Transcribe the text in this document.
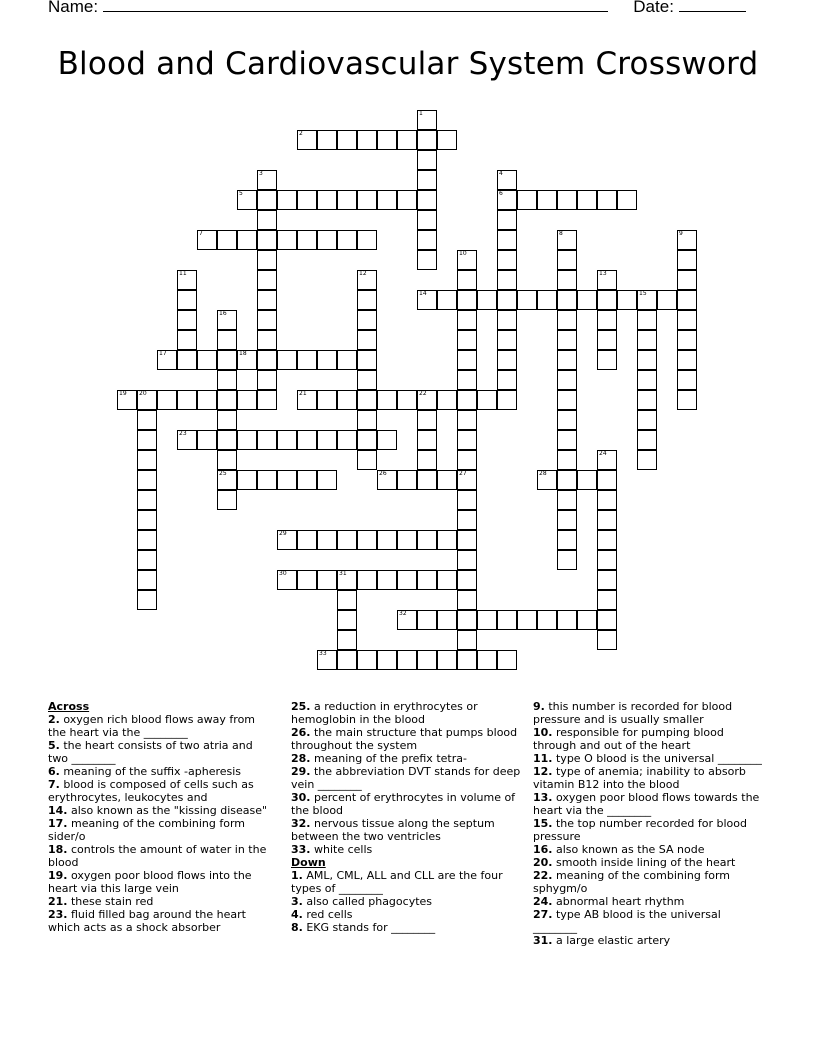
Name:	Date:
Blood and Cardiovascular System Crossword
1
2
3	4
6
5
7	8	9
10
11	12	13
14	15
16
25
17	18
19 20	21	22
23
24
26	27	28
29
30	31
32
33

Across

2. oxygen rich blood flows away from the heart via the ________

5. the heart consists of two atria and two ________

6. meaning of the suffix -apheresis

7. blood is composed of cells such as erythrocytes, leukocytes and

14. also known as the "kissing disease"

17. meaning of the combining form sider/o

18. controls the amount of water in the blood

19. oxygen poor blood flows into the heart via this large vein

21. these stain red

23. fluid filled bag around the heart which acts as a shock absorber

25. a reduction in erythrocytes or hemoglobin in the blood

26. the main structure that pumps blood throughout the system

28. meaning of the prefix tetra-

29. the abbreviation DVT stands for deep vein ________

30. percent of erythrocytes in volume of the blood

32. nervous tissue along the septum between the two ventricles

33. white cells

Down

1. AML, CML, ALL and CLL are the four types of ________

3. also called phagocytes

4. red cells

8. EKG stands for ________

9. this number is recorded for blood pressure and is usually smaller

10. responsible for pumping blood through and out of the heart

11. type O blood is the universal ________

12. type of anemia; inability to absorb vitamin B12 into the blood

13. oxygen poor blood flows towards the heart via the ________

15. the top number recorded for blood pressure

16. also known as the SA node

20. smooth inside lining of the heart

22. meaning of the combining form sphygm/o

24. abnormal heart rhythm

27. type AB blood is the universal ________

31. a large elastic artery
